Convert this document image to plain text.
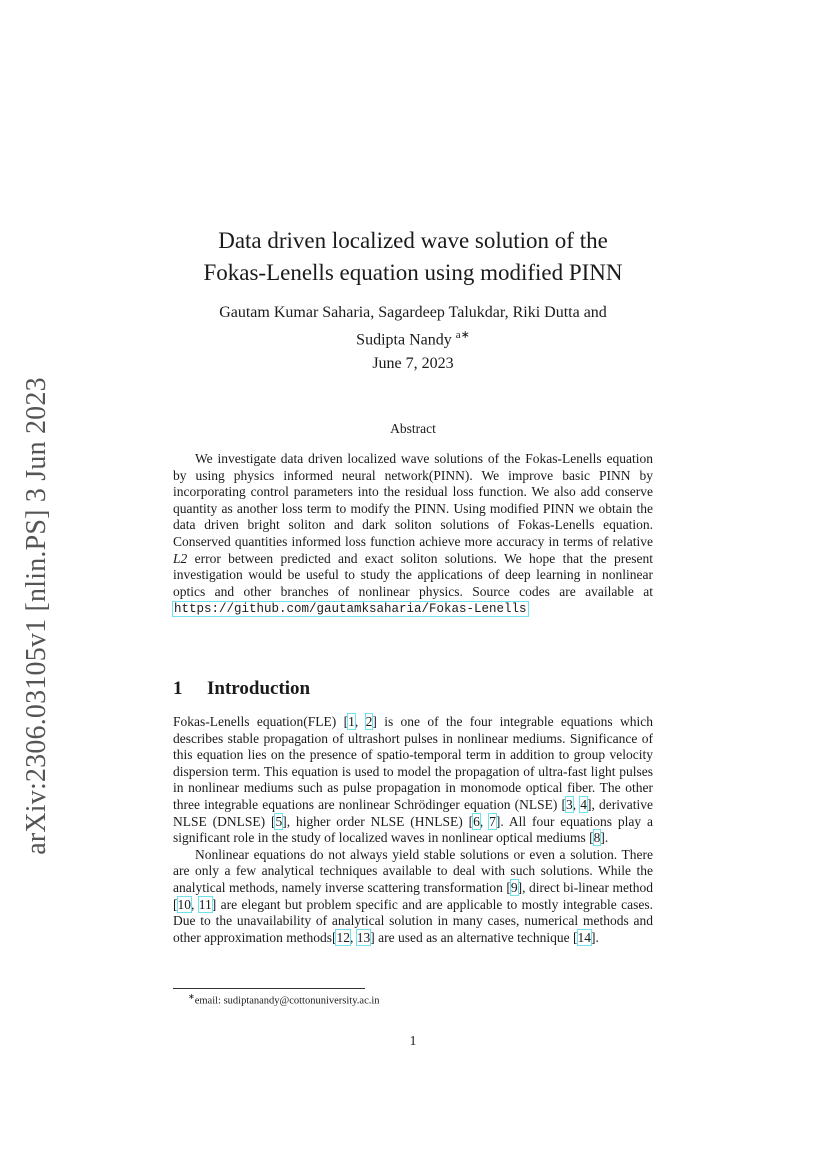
arXiv:2306.03105v1 [nlin.PS] 3 Jun 2023
Data driven localized wave solution of the
Fokas-Lenells equation using modified PINN
Gautam Kumar Saharia, Sagardeep Talukdar, Riki Dutta and
Sudipta Nandy $^{a∗}$
June 7, 2023
Abstract
We investigate data driven localized wave solutions of the Fokas-Lenells equation by using physics informed neural network(PINN). We improve basic PINN by incorporating control parameters into the residual loss function. We also add conserve quantity as another loss term to modify the PINN. Using modified PINN we obtain the data driven bright soliton and dark soliton solutions of Fokas-Lenells equation. Conserved quantities informed loss function achieve more accuracy in terms of relative L2 error between predicted and exact soliton solutions. We hope that the present investigation would be useful to study the applications of deep learning in nonlinear optics and other branches of nonlinear physics. Source codes are available at https://github.com/gautamksaharia/Fokas-Lenells
1 Introduction

Fokas-Lenells equation(FLE) [1, 2] is one of the four integrable equations which describes stable propagation of ultrashort pulses in nonlinear mediums. Significance of this equation lies on the presence of spatio-temporal term in addition to group velocity dispersion term. This equation is used to model the propagation of ultra-fast light pulses in nonlinear mediums such as pulse propagation in monomode optical fiber. The other three integrable equations are nonlinear Schrödinger equation (NLSE) [3, 4], derivative NLSE (DNLSE) [5], higher order NLSE (HNLSE) [6, 7]. All four equations play a significant role in the study of localized waves in nonlinear optical mediums [8].

Nonlinear equations do not always yield stable solutions or even a solution. There are only a few analytical techniques available to deal with such solutions. While the analytical methods, namely inverse scattering transformation [9], direct bi-linear method [10, 11] are elegant but problem specific and are applicable to mostly integrable cases. Due to the unavailability of analytical solution in many cases, numerical methods and other approximation methods[12, 13] are used as an alternative technique [14].

∗email: sudiptanandy@cottonuniversity.ac.in
1
